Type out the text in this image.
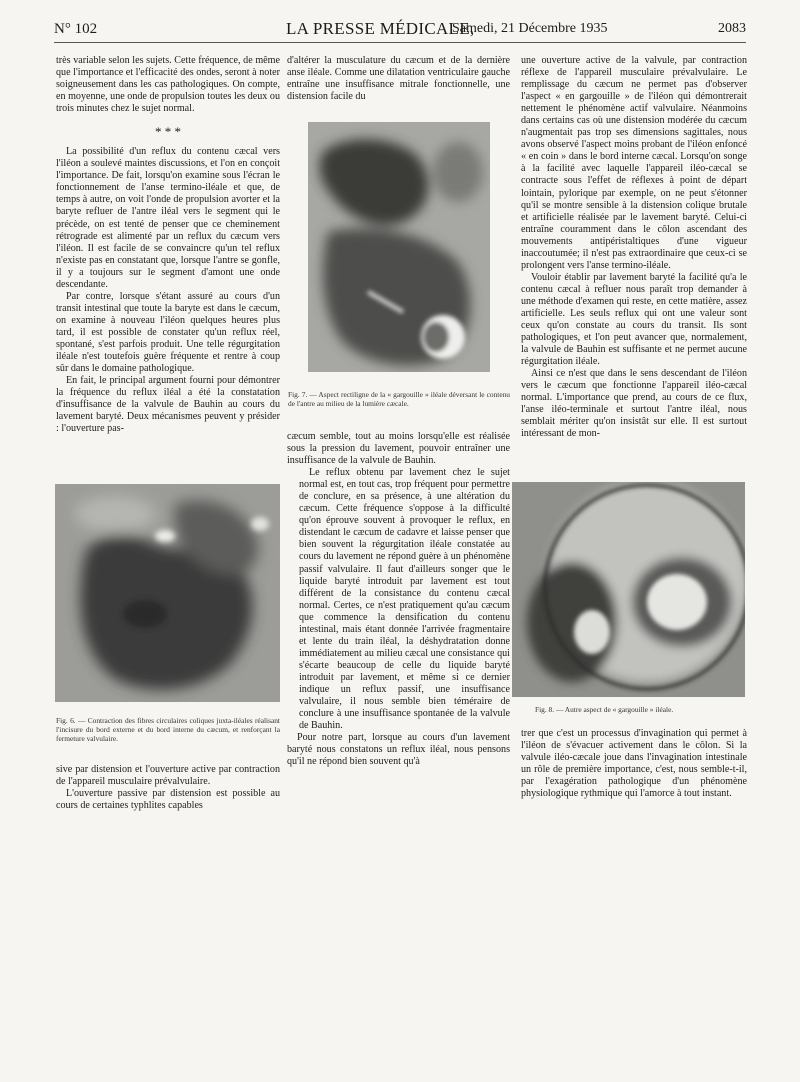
N° 102	LA PRESSE MÉDICALE,
Samedi, 21 Décembre 1935	2083

très variable selon les sujets. Cette fréquence, de même que l'importance et l'efficacité des ondes, seront à noter soigneusement dans les cas pathologiques. On compte, en moyenne, une onde de propulsion toutes les deux ou trois minutes chez le sujet normal.

* * *

La possibilité d'un reflux du contenu cæcal vers l'iléon a soulevé maintes discussions, et l'on en conçoit l'importance. De fait, lorsqu'on examine sous l'écran le fonctionnement de l'anse termino-iléale et que, de temps à autre, on voit l'onde de propulsion avorter et la baryte refluer de l'antre iléal vers le segment qui le précède, on est tenté de penser que ce cheminement rétrograde est alimenté par un reflux du cæcum vers l'iléon. Il est facile de se convaincre qu'un tel reflux n'existe pas en constatant que, lorsque l'antre se gonfle, il y a toujours sur le segment d'amont une onde descendante.

Par contre, lorsque s'étant assuré au cours d'un transit intestinal que toute la baryte est dans le cæcum, on examine à nouveau l'iléon quelques heures plus tard, il est possible de constater qu'un reflux réel, spontané, s'est parfois produit. Une telle régurgitation iléale n'est toutefois guère fréquente et rentre à coup sûr dans le domaine pathologique.

En fait, le principal argument fourni pour démontrer la fréquence du reflux iléal a été la constatation d'insuffisance de la valvule de Bauhin au cours du lavement baryté. Deux mécanismes peuvent y présider : l'ouverture pas-

Fig. 6. — Contraction des fibres circulaires coliques juxta-iléales réalisant l'incisure du bord externe et du bord interne du cæcum, et renforçant la fermeture valvulaire.

sive par distension et l'ouverture active par contraction de l'appareil musculaire prévalvulaire.

L'ouverture passive par distension est possible au cours de certaines typhlites capables

d'altérer la musculature du cæcum et de la dernière anse iléale. Comme une dilatation ventriculaire gauche entraîne une insuffisance mitrale fonctionnelle, une distension facile du

Fig. 7. — Aspect rectiligne de la « gargouille » iléale déversant le contenu de l'antre au milieu de la lumière cæcale.

cæcum semble, tout au moins lorsqu'elle est réalisée sous la pression du lavement, pouvoir entraîner une insuffisance de la valvule de Bauhin.

Le reflux obtenu par lavement chez le sujet normal est, en tout cas, trop fréquent pour permettre de conclure, en sa présence, à une altération du cæcum. Cette fréquence s'oppose à la difficulté qu'on éprouve souvent à provoquer le reflux, en distendant le cæcum de cadavre et laisse penser que bien souvent la régurgitation iléale constatée au cours du lavement ne répond guère à un phénomène passif valvulaire. Il faut d'ailleurs songer que le liquide baryté introduit par lavement est tout différent de la consistance du contenu cæcal normal. Certes, ce n'est pratiquement qu'au cæcum que commence la densification du contenu intestinal, mais étant donnée l'arrivée fragmentaire et lente du train iléal, la déshydratation donne immédiatement au milieu cæcal une consistance qui s'écarte beaucoup de celle du liquide baryté introduit par lavement, et même si ce dernier indique un reflux passif, une insuffisance valvulaire, il nous semble bien téméraire de conclure à une insuffisance spontanée de la valvule de Bauhin.

Pour notre part, lorsque au cours d'un lavement baryté nous constatons un reflux iléal, nous pensons qu'il ne répond bien souvent qu'à

une ouverture active de la valvule, par contraction réflexe de l'appareil musculaire prévalvulaire. Le remplissage du cæcum ne permet pas d'observer l'aspect « en gargouille » de l'iléon qui démontrerait nettement le phénomène actif valvulaire. Néanmoins dans certains cas où une distension modérée du cæcum n'augmentait pas trop ses dimensions sagittales, nous avons observé l'aspect moins probant de l'iléon enfoncé « en coin » dans le bord interne cæcal. Lorsqu'on songe à la facilité avec laquelle l'appareil iléo-cæcal se contracte sous l'effet de réflexes à point de départ lointain, pylorique par exemple, on ne peut s'étonner qu'il se montre sensible à la distension colique brutale et artificielle réalisée par le lavement baryté. Celui-ci entraîne couramment dans le côlon ascendant des mouvements antipéristaltiques d'une vigueur inaccoutumée; il n'est pas extraordinaire que ceux-ci se prolongent vers l'anse termino-iléale.

Vouloir établir par lavement baryté la facilité qu'a le contenu cæcal à refluer nous paraît trop demander à une méthode d'examen qui reste, en cette matière, assez artificielle. Les seuls reflux qui ont une valeur sont ceux qu'on constate au cours du transit. Ils sont pathologiques, et l'on peut avancer que, normalement, la valvule de Bauhin est suffisante et ne permet aucune régurgitation iléale.

Ainsi ce n'est que dans le sens descendant de l'iléon vers le cæcum que fonctionne l'appareil iléo-cæcal normal. L'importance que prend, au cours de ce flux, l'anse iléo-terminale et surtout l'antre iléal, nous semblait mériter qu'on insistât sur elle. Il est surtout intéressant de mon-

Fig. 8. — Autre aspect de « gargouille » iléale.

trer que c'est un processus d'invagination qui permet à l'iléon de s'évacuer activement dans le côlon. Si la valvule iléo-cæcale joue dans l'invagination intestinale un rôle de première importance, c'est, nous semble-t-il, par l'exagération pathologique d'un phénomène physiologique rythmique qui l'amorce à tout instant.
